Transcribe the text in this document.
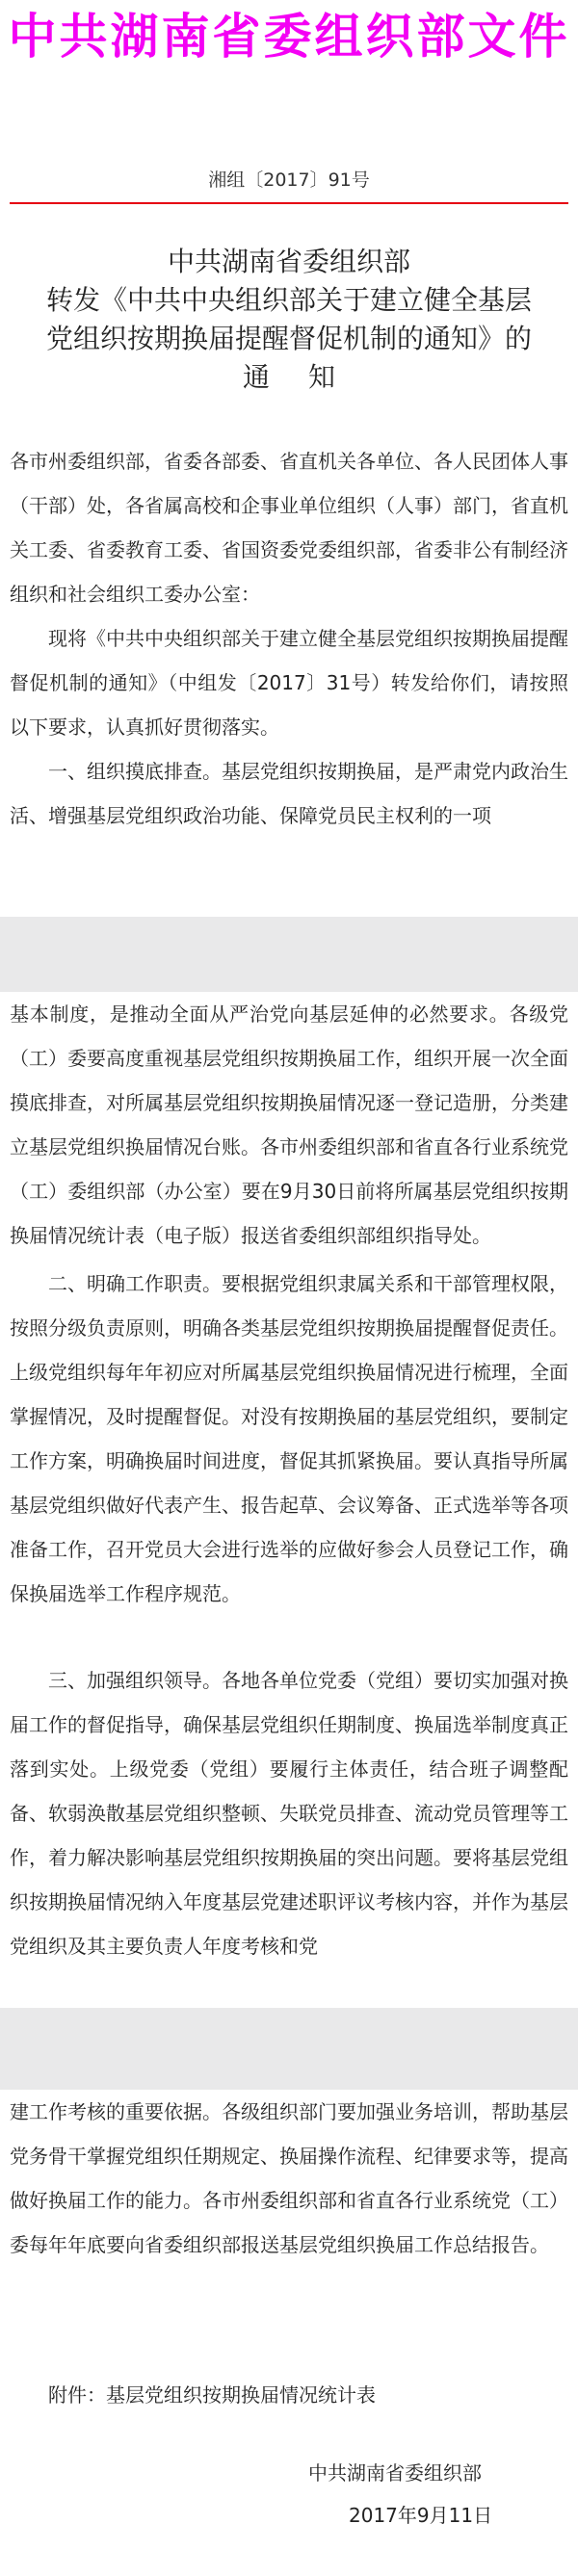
中共湖南省委组织部文件
湘组〔2017〕91号
中共湖南省委组织部
转发《中共中央组织部关于建立健全基层
党组织按期换届提醒督促机制的通知》的
通知

各市州委组织部，省委各部委、省直机关各单位、各人民团体人事（干部）处，各省属高校和企事业单位组织（人事）部门，省直机关工委、省委教育工委、省国资委党委组织部，省委非公有制经济组织和社会组织工委办公室：

现将《中共中央组织部关于建立健全基层党组织按期换届提醒督促机制的通知》（中组发〔2017〕31号）转发给你们，请按照以下要求，认真抓好贯彻落实。

一、组织摸底排查。基层党组织按期换届，是严肃党内政治生活、增强基层党组织政治功能、保障党员民主权利的一项

基本制度，是推动全面从严治党向基层延伸的必然要求。各级党（工）委要高度重视基层党组织按期换届工作，组织开展一次全面摸底排查，对所属基层党组织按期换届情况逐一登记造册，分类建立基层党组织换届情况台账。各市州委组织部和省直各行业系统党（工）委组织部（办公室）要在9月30日前将所属基层党组织按期换届情况统计表（电子版）报送省委组织部组织指导处。

二、明确工作职责。要根据党组织隶属关系和干部管理权限，按照分级负责原则，明确各类基层党组织按期换届提醒督促责任。上级党组织每年年初应对所属基层党组织换届情况进行梳理，全面掌握情况，及时提醒督促。对没有按期换届的基层党组织，要制定工作方案，明确换届时间进度，督促其抓紧换届。要认真指导所属基层党组织做好代表产生、报告起草、会议筹备、正式选举等各项准备工作，召开党员大会进行选举的应做好参会人员登记工作，确保换届选举工作程序规范。

三、加强组织领导。各地各单位党委（党组）要切实加强对换届工作的督促指导，确保基层党组织任期制度、换届选举制度真正落到实处。上级党委（党组）要履行主体责任，结合班子调整配备、软弱涣散基层党组织整顿、失联党员排查、流动党员管理等工作，着力解决影响基层党组织按期换届的突出问题。要将基层党组织按期换届情况纳入年度基层党建述职评议考核内容，并作为基层党组织及其主要负责人年度考核和党

建工作考核的重要依据。各级组织部门要加强业务培训，帮助基层党务骨干掌握党组织任期规定、换届操作流程、纪律要求等，提高做好换届工作的能力。各市州委组织部和省直各行业系统党（工）委每年年底要向省委组织部报送基层党组织换届工作总结报告。

附件：基层党组织按期换届情况统计表
中共湖南省委组织部
2017年9月11日
